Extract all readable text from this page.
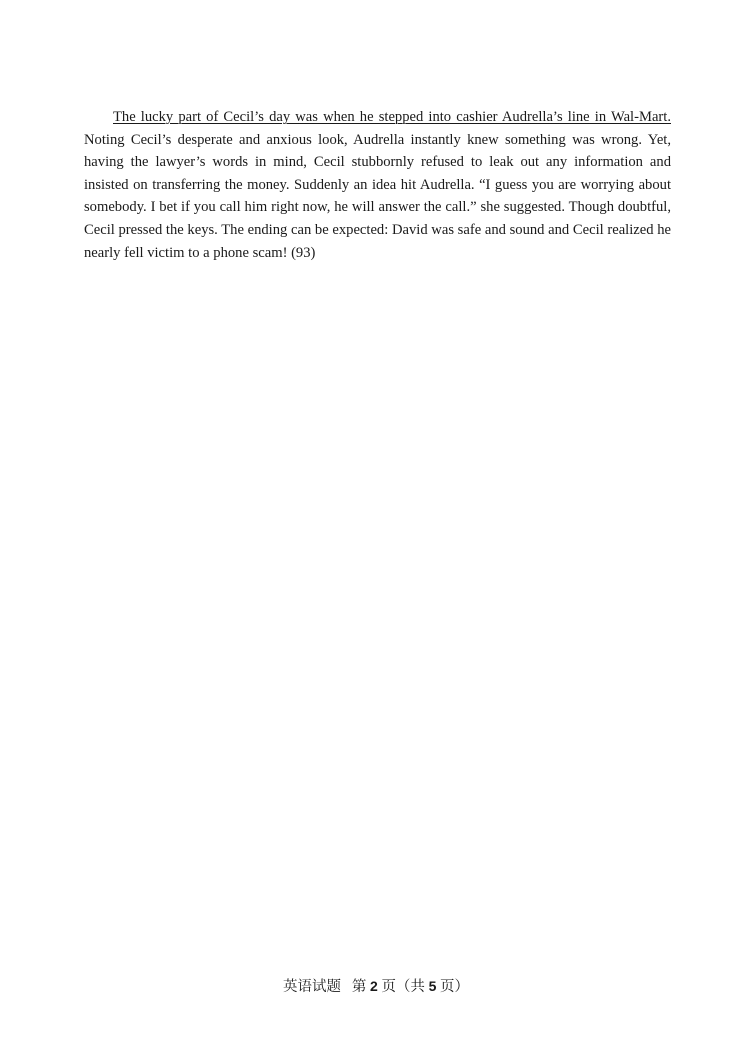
The lucky part of Cecil’s day was when he stepped into cashier Audrella’s line in Wal-Mart. Noting Cecil’s desperate and anxious look, Audrella instantly knew something was wrong. Yet, having the lawyer’s words in mind, Cecil stubbornly refused to leak out any information and insisted on transferring the money. Suddenly an idea hit Audrella. “I guess you are worrying about somebody. I bet if you call him right now, he will answer the call.” she suggested. Though doubtful, Cecil pressed the keys. The ending can be expected: David was safe and sound and Cecil realized he nearly fell victim to a phone scam! (93)

英语试题 第 2 页（共 5 页）
